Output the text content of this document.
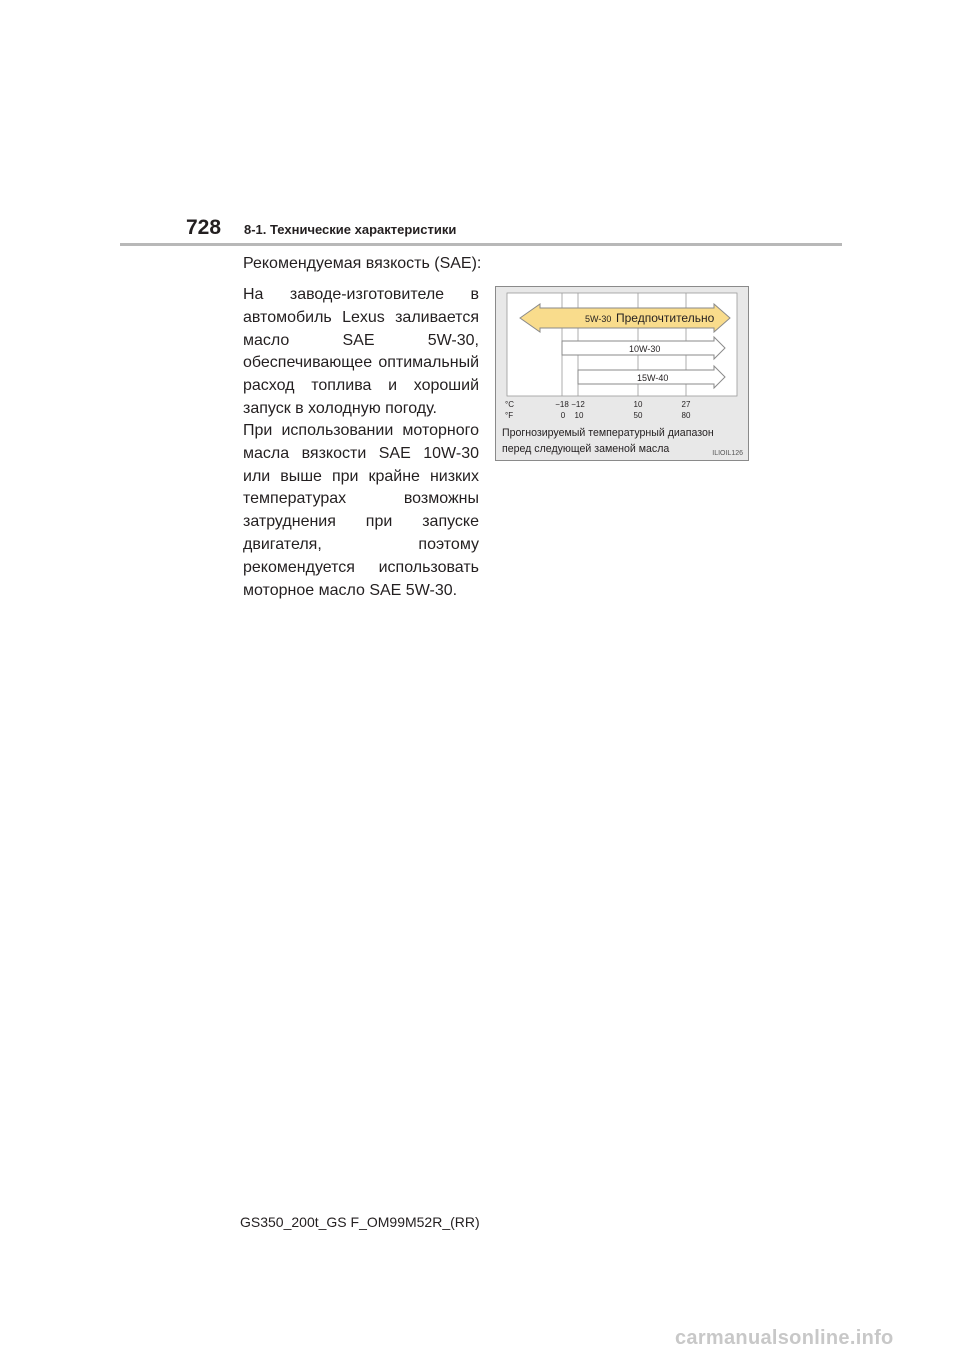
728 8-1. Технические характеристики
Рекомендуемая вязкость (SAE):
На заводе-изготовителе в автомобиль Lexus заливается масло SAE 5W-30, обеспечивающее оптимальный расход топлива и хороший запуск в холодную погоду.
При использовании моторного масла вязкости SAE 10W-30 или выше при крайне низких температурах возможны затруднения при запуске двигателя, поэтому рекомендуется использовать моторное масло SAE 5W-30.
5W-30 Предпочтительно
10W-30
15W-40
°C
°F
−18 −12	10	27
0 10	50	80
Прогнозируемый температурный диапазон
перед следующей заменой масла	ILIOIL126
GS350_200t_GS F_OM99M52R_(RR)
carmanualsonline.info
